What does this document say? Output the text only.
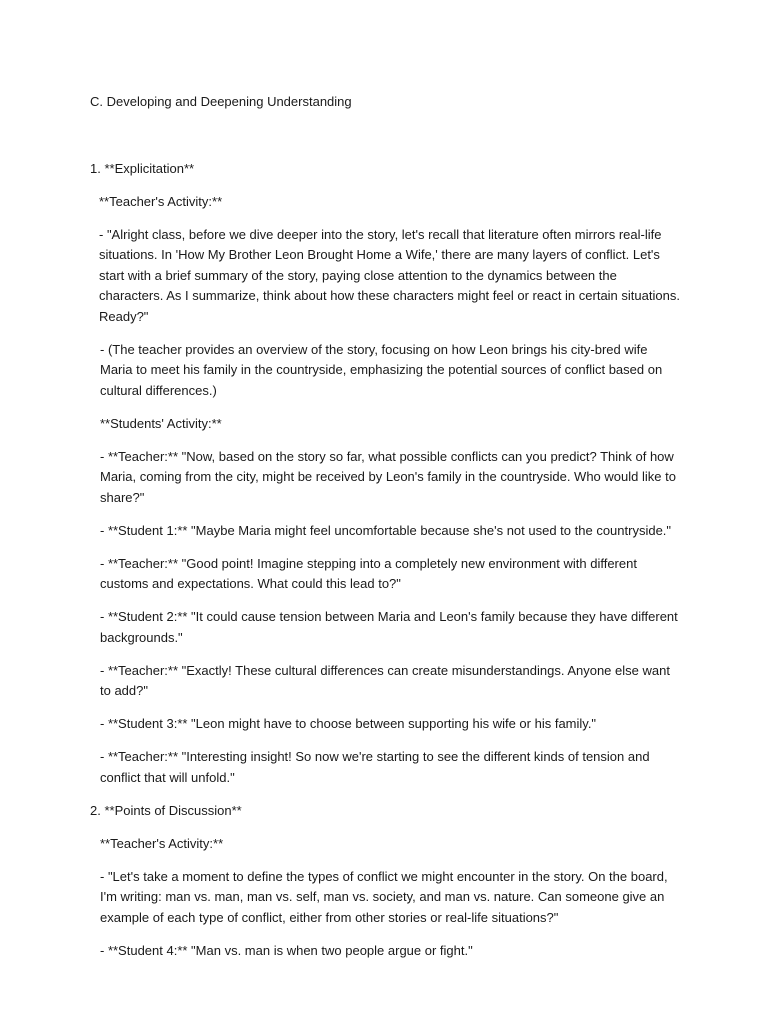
C. Developing and Deepening Understanding

1. **Explicitation**

**Teacher's Activity:**

- "Alright class, before we dive deeper into the story, let's recall that literature often mirrors real-life situations. In 'How My Brother Leon Brought Home a Wife,' there are many layers of conflict. Let's start with a brief summary of the story, paying close attention to the dynamics between the characters. As I summarize, think about how these characters might feel or react in certain situations. Ready?"

- (The teacher provides an overview of the story, focusing on how Leon brings his city-bred wife Maria to meet his family in the countryside, emphasizing the potential sources of conflict based on cultural differences.)

**Students' Activity:**

- **Teacher:** "Now, based on the story so far, what possible conflicts can you predict? Think of how Maria, coming from the city, might be received by Leon's family in the countryside. Who would like to share?"

- **Student 1:** "Maybe Maria might feel uncomfortable because she's not used to the countryside."

- **Teacher:** "Good point! Imagine stepping into a completely new environment with different customs and expectations. What could this lead to?"

- **Student 2:** "It could cause tension between Maria and Leon's family because they have different backgrounds."

- **Teacher:** "Exactly! These cultural differences can create misunderstandings. Anyone else want to add?"

- **Student 3:** "Leon might have to choose between supporting his wife or his family."

- **Teacher:** "Interesting insight! So now we're starting to see the different kinds of tension and conflict that will unfold."

2. **Points of Discussion**

**Teacher's Activity:**

- "Let's take a moment to define the types of conflict we might encounter in the story. On the board, I'm writing: man vs. man, man vs. self, man vs. society, and man vs. nature. Can someone give an example of each type of conflict, either from other stories or real-life situations?"

- **Student 4:** "Man vs. man is when two people argue or fight."
